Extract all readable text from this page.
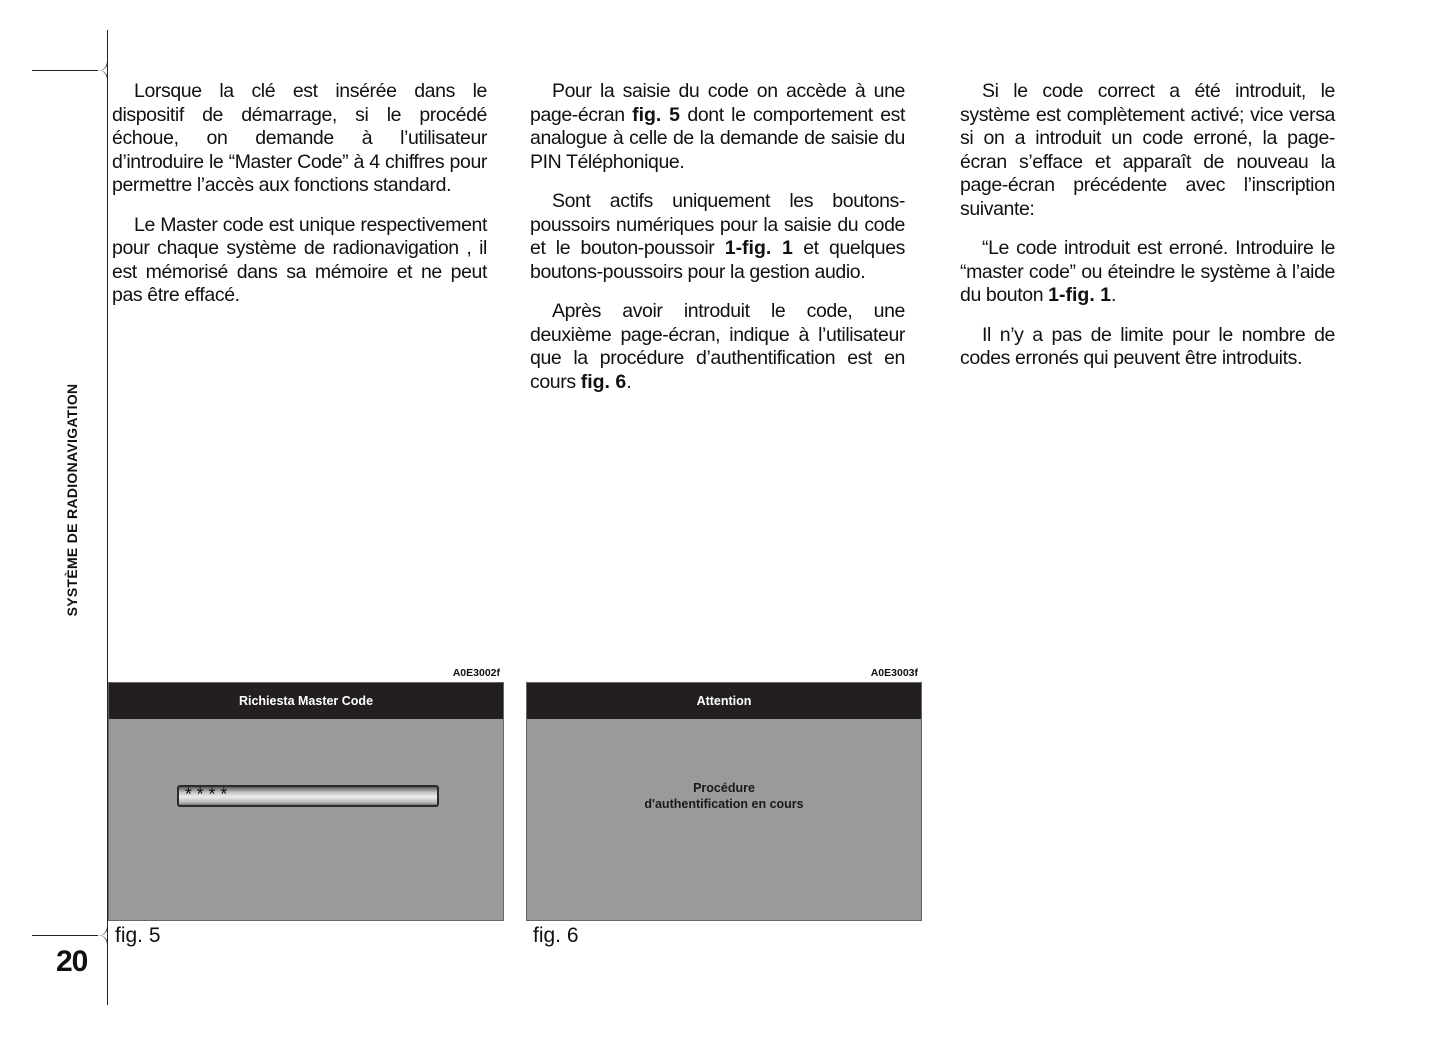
SYSTÈME DE RADIONAVIGATION
20

Lorsque la clé est insérée dans le dispositif de démarrage, si le procédé échoue, on demande à l’utilisateur d’introduire le “Master Code” à 4 chiffres pour permettre l’accès aux fonctions standard.

Le Master code est unique respectivement pour chaque système de radionavigation , il est mémorisé dans sa mémoire et ne peut pas être effacé.

Pour la saisie du code on accède à une page-écran fig. 5 dont le comportement est analogue à celle de la demande de saisie du PIN Téléphonique.

Sont actifs uniquement les boutons-poussoirs numériques pour la saisie du code et le bouton-poussoir 1-fig. 1 et quelques boutons-poussoirs pour la gestion audio.

Après avoir introduit le code, une deuxième page-écran, indique à l’utilisateur que la procédure d’authentification est en cours fig. 6.

Si le code correct a été introduit, le système est complètement activé; vice versa si on a introduit un code erroné, la page-écran s’efface et apparaît de nouveau la page-écran précédente avec l’inscription suivante:

“Le code introduit est erroné. Introduire le “master code” ou éteindre le système à l’aide du bouton 1-fig. 1.

Il n’y a pas de limite pour le nombre de codes erronés qui peuvent être introduits.

A0E3002f
Richiesta Master Code
****
fig. 5
A0E3003f
Attention
Procédure
d'authentification en cours
fig. 6
